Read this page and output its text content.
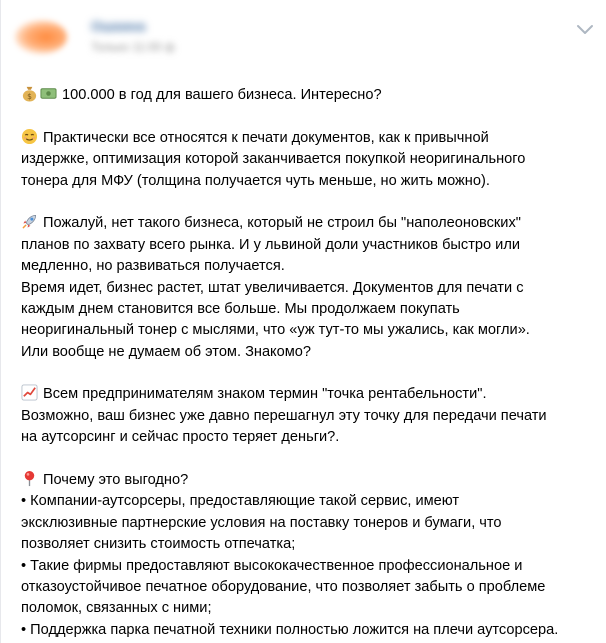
Ошкина
Только 11:00 ф
$ 100.000 в год для вашего бизнеса. Интересно?
Практически все относятся к печати документов, как к привычной
издержке, оптимизация которой заканчивается покупкой неоригинального
тонера для МФУ (толщина получается чуть меньше, но жить можно).
Пожалуй, нет такого бизнеса, который не строил бы "наполеоновских"
планов по захвату всего рынка. И у львиной доли участников быстро или
медленно, но развиваться получается.
Время идет, бизнес растет, штат увеличивается. Документов для печати с
каждым днем становится все больше. Мы продолжаем покупать
неоригинальный тонер с мыслями, что «уж тут-то мы ужались, как могли».
Или вообще не думаем об этом. Знакомо?
Всем предпринимателям знаком термин "точка рентабельности".
Возможно, ваш бизнес уже давно перешагнул эту точку для передачи печати
на аутсорсинг и сейчас просто теряет деньги?.
Почему это выгодно?
• Компании-аутсорсеры, предоставляющие такой сервис, имеют
эксклюзивные партнерские условия на поставку тонеров и бумаги, что
позволяет снизить стоимость отпечатка;
• Такие фирмы предоставляют высококачественное профессиональное и
отказоустойчивое печатное оборудование, что позволяет забыть о проблеме
поломок, связанных с ними;
• Поддержка парка печатной техники полностью ложится на плечи аутсорсера.
